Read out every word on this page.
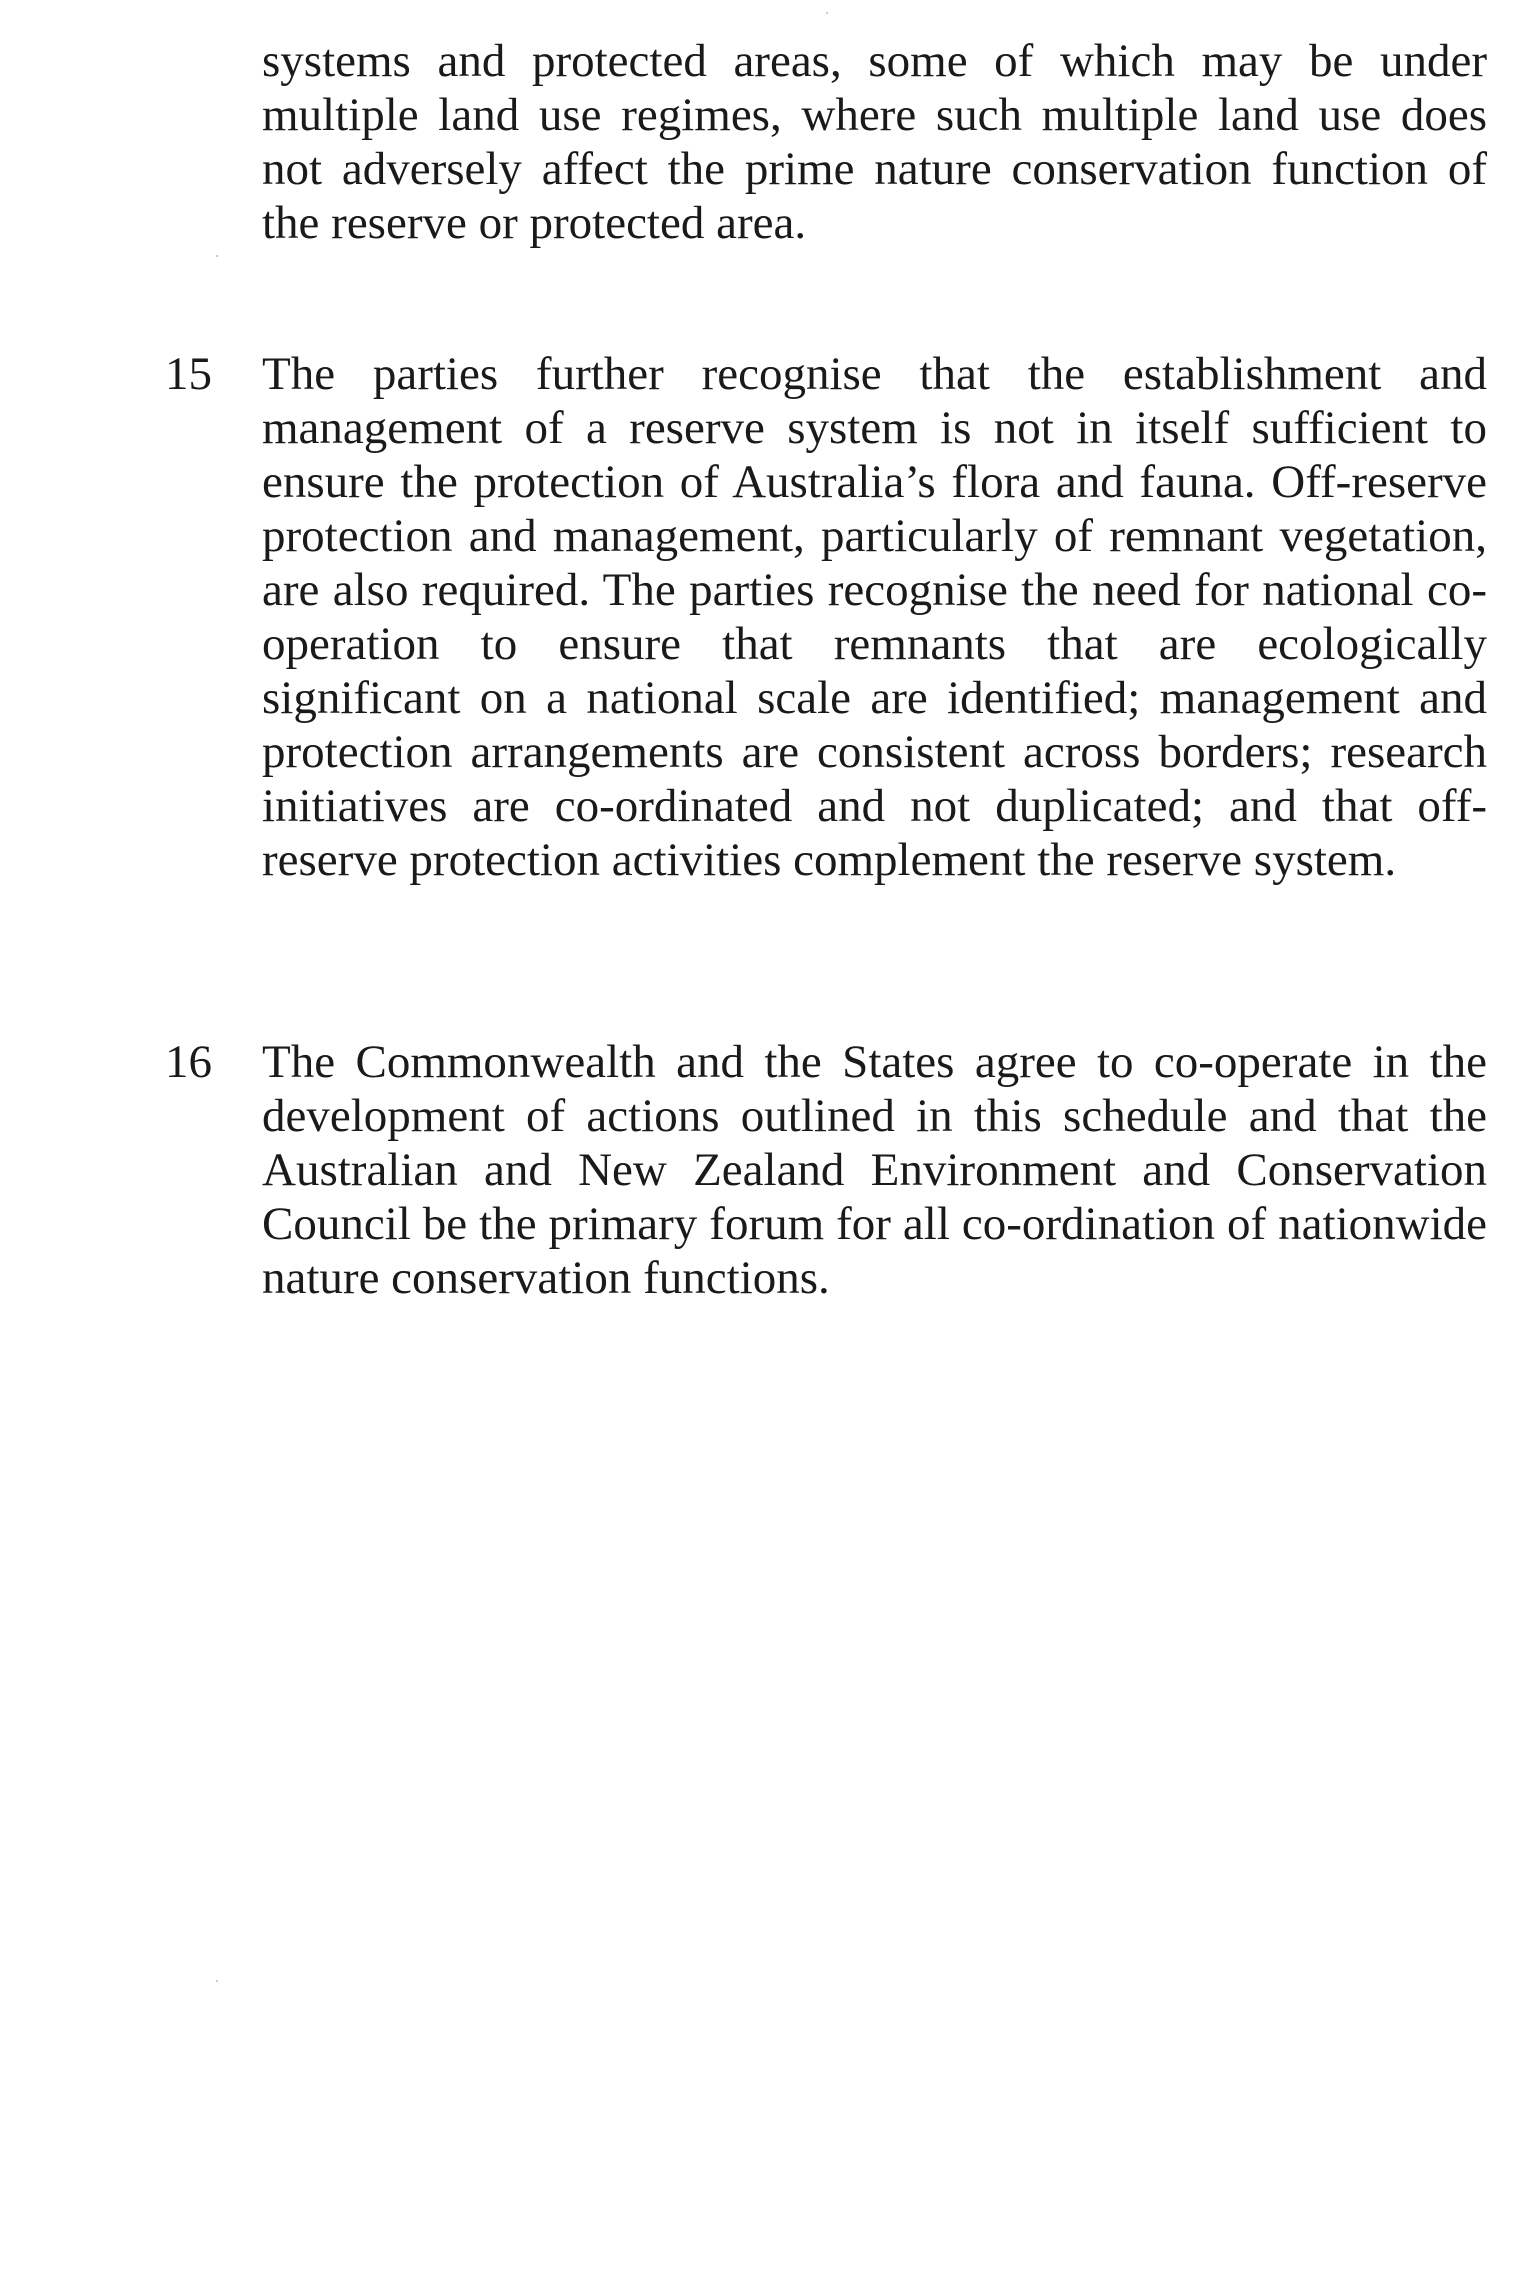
systems and protected areas, some of which may be under multiple land use regimes, where such multiple land use does not adversely affect the prime nature conservation function of the reserve or protected area.

15 The parties further recognise that the establishment and management of a reserve system is not in itself sufficient to ensure the protection of Australia’s flora and fauna. Off-reserve protection and management, particularly of remnant vegetation, are also required. The parties recognise the need for national co-operation to ensure that remnants that are ecologically significant on a national scale are identified; management and protection arrangements are consistent across borders; research initiatives are co-ordinated and not duplicated; and that off-reserve protection activities complement the reserve system.

16 The Commonwealth and the States agree to co-operate in the development of actions outlined in this schedule and that the Australian and New Zealand Environment and Conservation Council be the primary forum for all co-ordination of nationwide nature conservation functions.
